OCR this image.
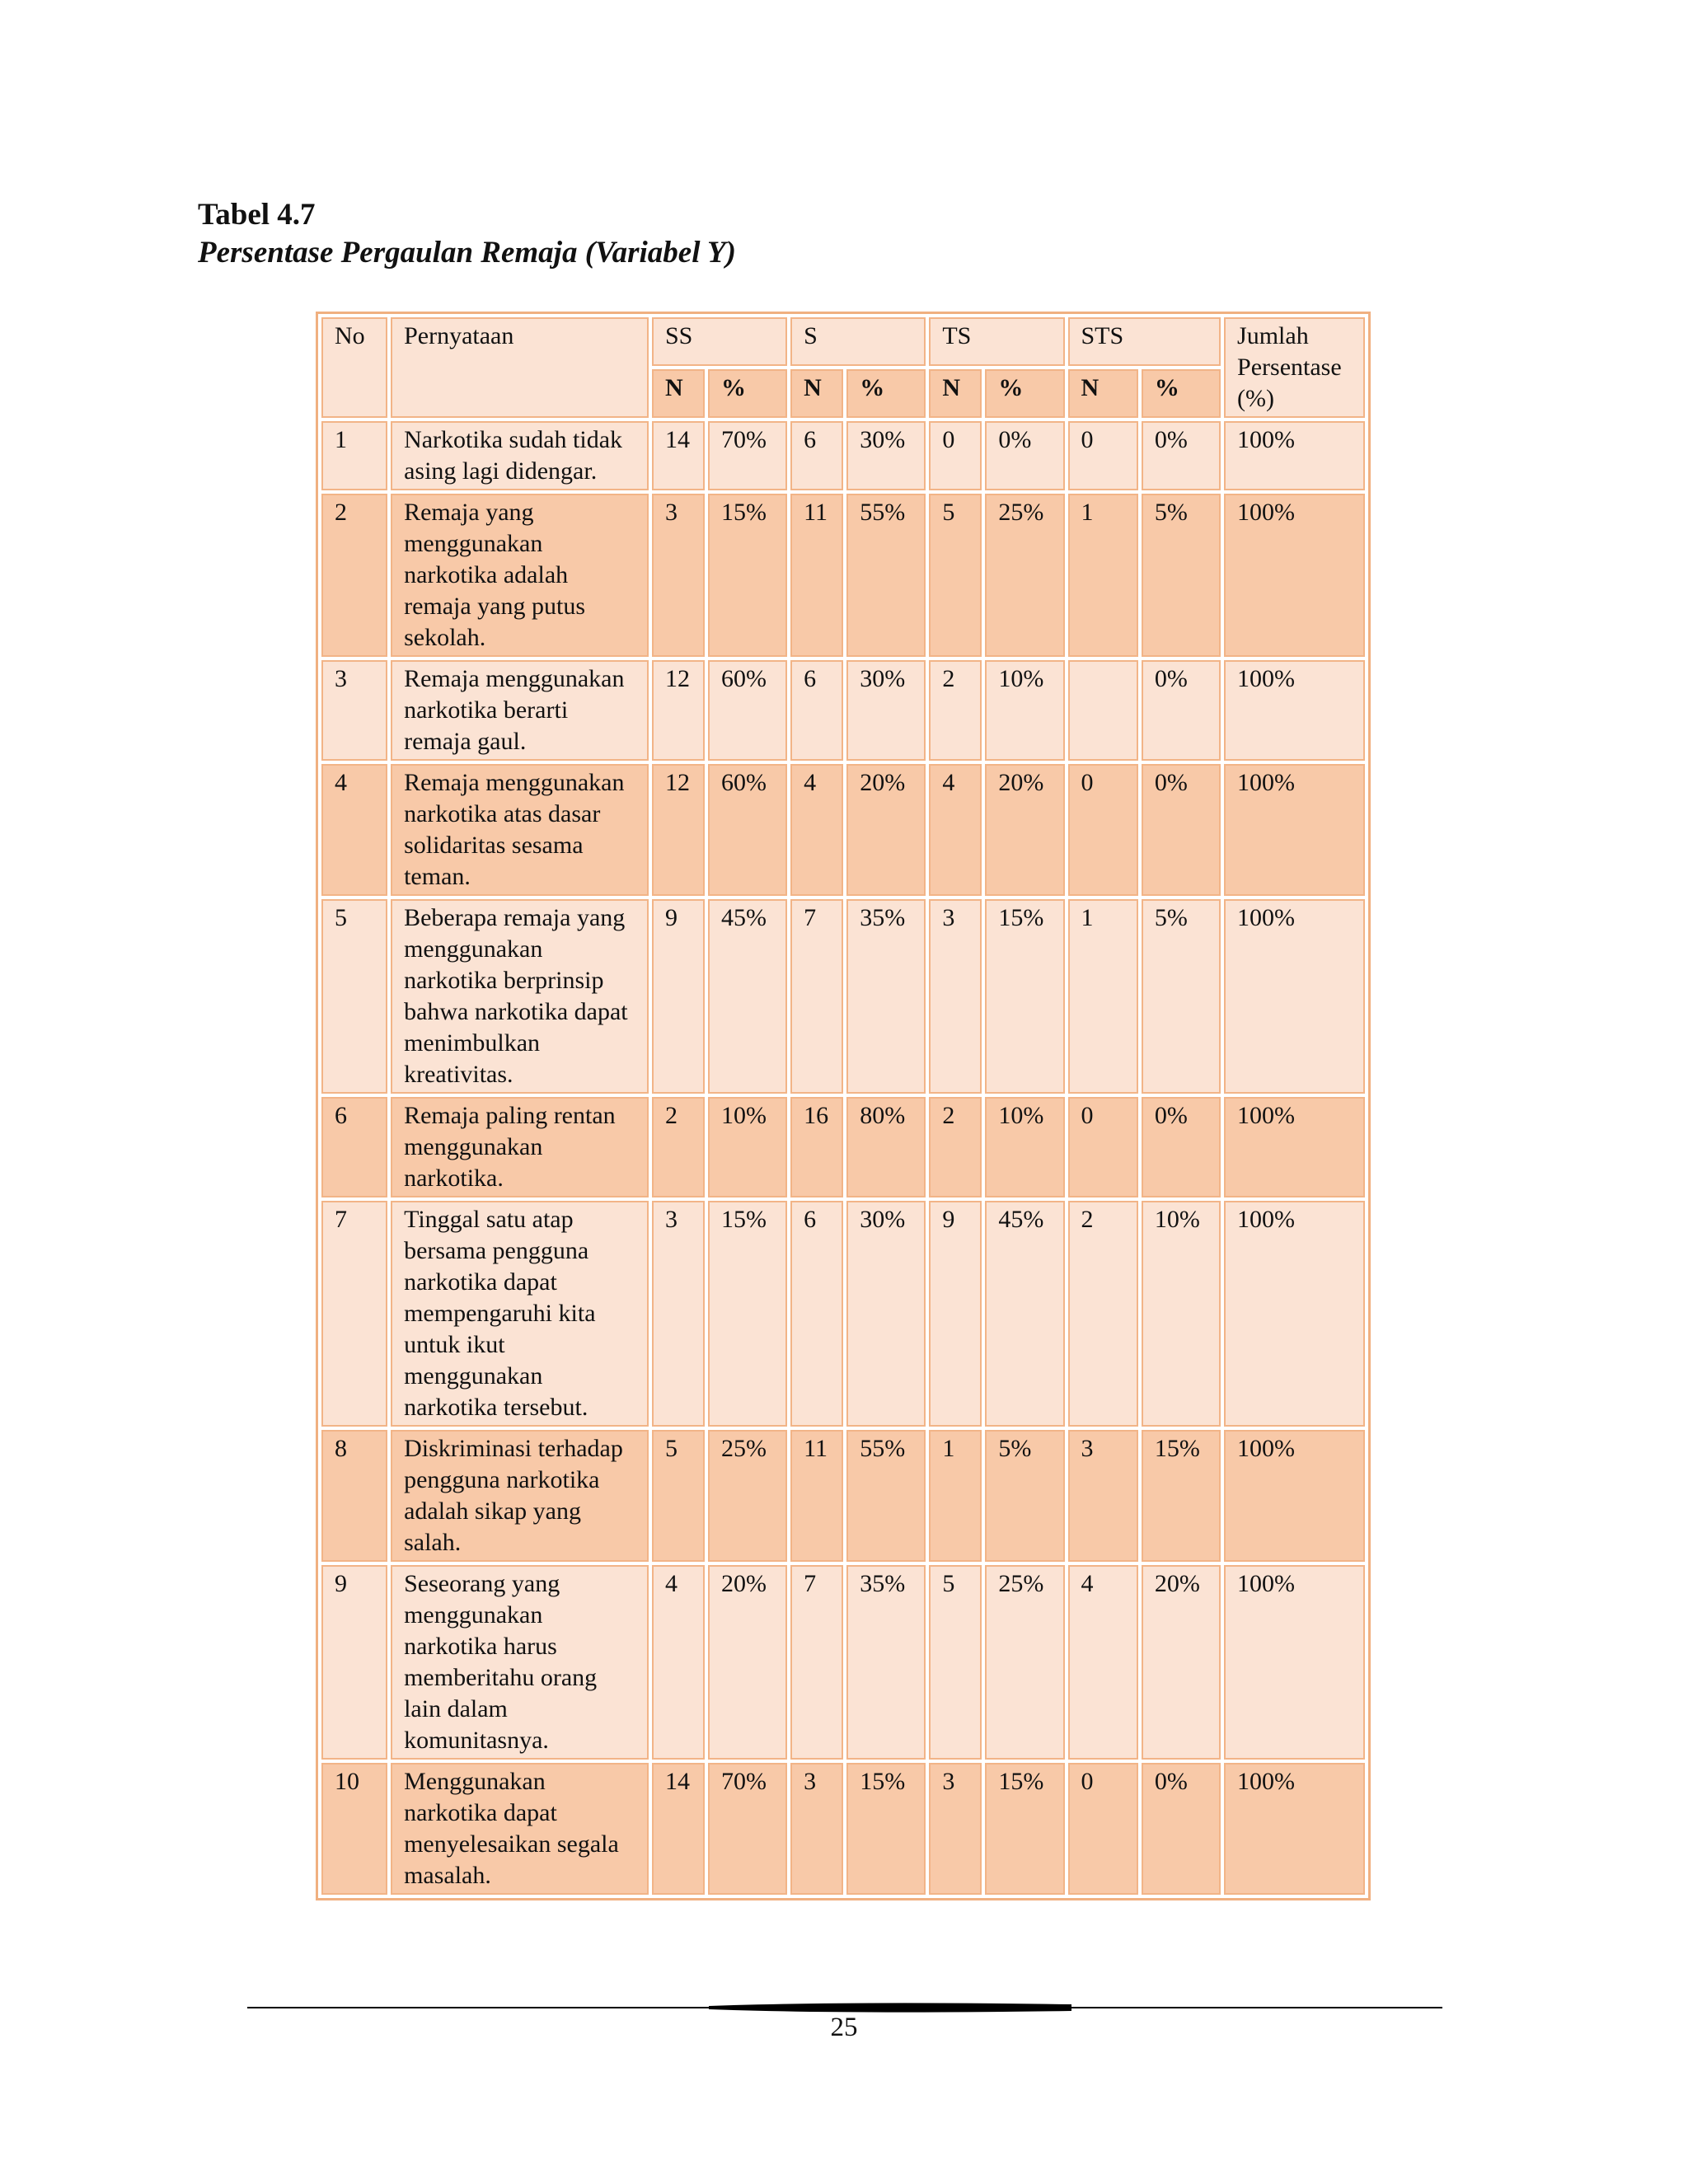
Tabel 4.7
Persentase Pergaulan Remaja (Variabel Y)
No	Pernyataan	SS		S		TS		STS		Jumlah Persentase (%)
		N	%	N	%	N	%	N	%	
1	Narkotika sudah tidak asing lagi didengar.	14	70%	6	30%	0	0%	0	0%	100%
2	Remaja yang menggunakan narkotika adalah remaja yang putus sekolah.	3	15%	11	55%	5	25%	1	5%	100%
3	Remaja menggunakan narkotika berarti remaja gaul.	12	60%	6	30%	2	10%		0%	100%
4	Remaja menggunakan narkotika atas dasar solidaritas sesama teman.	12	60%	4	20%	4	20%	0	0%	100%
5	Beberapa remaja yang menggunakan narkotika berprinsip bahwa narkotika dapat menimbulkan kreativitas.	9	45%	7	35%	3	15%	1	5%	100%
6	Remaja paling rentan menggunakan narkotika.	2	10%	16	80%	2	10%	0	0%	100%
7	Tinggal satu atap bersama pengguna narkotika dapat mempengaruhi kita untuk ikut menggunakan narkotika tersebut.	3	15%	6	30%	9	45%	2	10%	100%
8	Diskriminasi terhadap pengguna narkotika adalah sikap yang salah.	5	25%	11	55%	1	5%	3	15%	100%
9	Seseorang yang menggunakan narkotika harus memberitahu orang lain dalam komunitasnya.	4	20%	7	35%	5	25%	4	20%	100%
10	Menggunakan narkotika dapat menyelesaikan segala masalah.	14	70%	3	15%	3	15%	0	0%	100%
25
